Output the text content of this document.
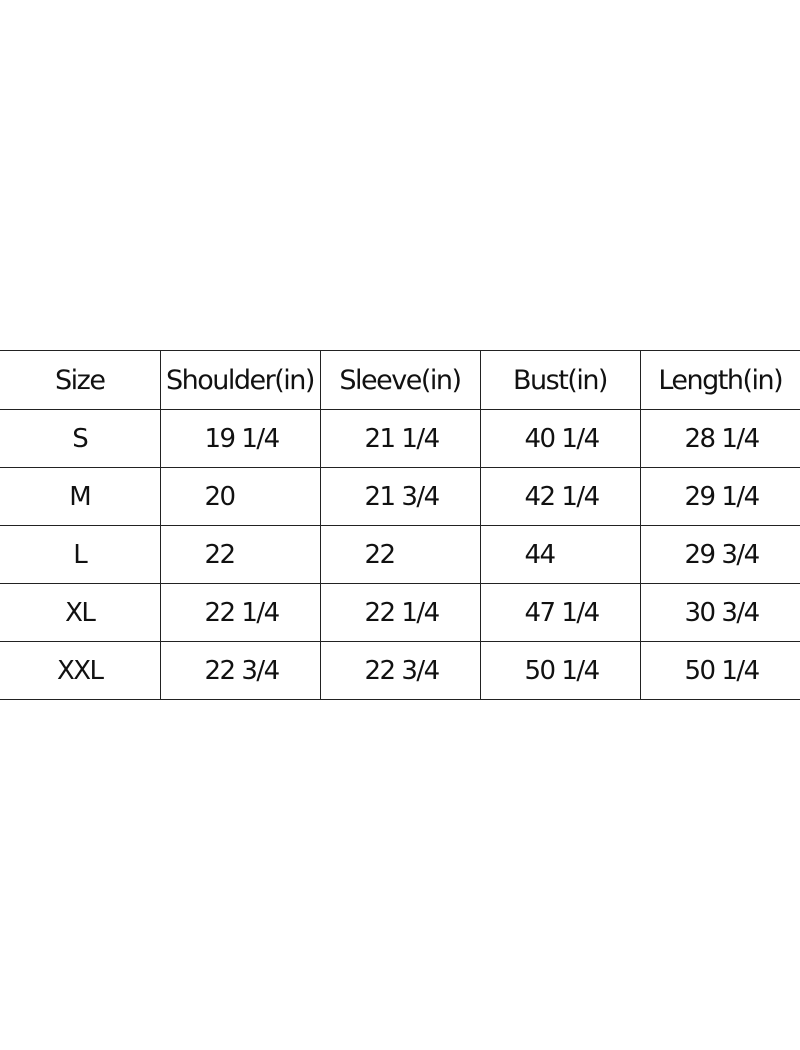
Size	Shoulder(in)	Sleeve(in)	Bust(in)	Length(in)
S	19 1/4	21 1/4	40 1/4	28 1/4
M	20	21 3/4	42 1/4	29 1/4
L	22	22	44	29 3/4
XL	22 1/4	22 1/4	47 1/4	30 3/4
XXL	22 3/4	22 3/4	50 1/4	50 1/4
